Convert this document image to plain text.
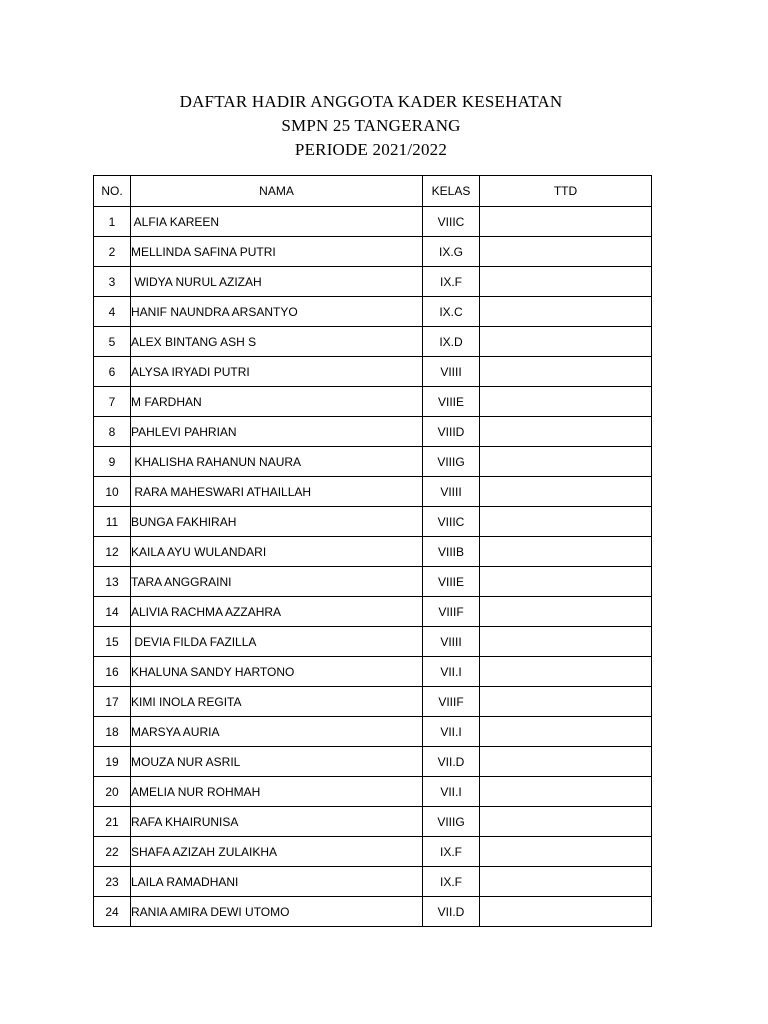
DAFTAR HADIR ANGGOTA KADER KESEHATAN
SMPN 25 TANGERANG
PERIODE 2021/2022
NO.	NAMA	KELAS	TTD
1	ALFIA KAREEN	VIIIC	
2	MELLINDA SAFINA PUTRI	IX.G	
3	WIDYA NURUL AZIZAH	IX.F	
4	HANIF NAUNDRA ARSANTYO	IX.C	
5	ALEX BINTANG ASH S	IX.D	
6	ALYSA IRYADI PUTRI	VIIII	
7	M FARDHAN	VIIIE	
8	PAHLEVI PAHRIAN	VIIID	
9	KHALISHA RAHANUN NAURA	VIIIG	
10	RARA MAHESWARI ATHAILLAH	VIIII	
11	BUNGA FAKHIRAH	VIIIC	
12	KAILA AYU WULANDARI	VIIIB	
13	TARA ANGGRAINI	VIIIE	
14	ALIVIA RACHMA AZZAHRA	VIIIF	
15	DEVIA FILDA FAZILLA	VIIII	
16	KHALUNA SANDY HARTONO	VII.I	
17	KIMI INOLA REGITA	VIIIF	
18	MARSYA AURIA	VII.I	
19	MOUZA NUR ASRIL	VII.D	
20	AMELIA NUR ROHMAH	VII.I	
21	RAFA KHAIRUNISA	VIIIG	
22	SHAFA AZIZAH ZULAIKHA	IX.F	
23	LAILA RAMADHANI	IX.F	
24	RANIA AMIRA DEWI UTOMO	VII.D	
